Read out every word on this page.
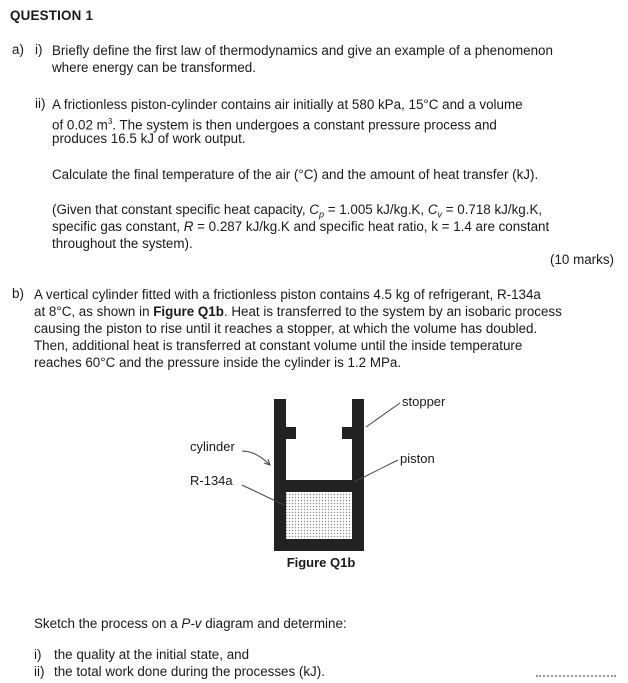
QUESTION 1
a) i) Briefly define the first law of thermodynamics and give an example of a phenomenon
where energy can be transformed.
ii) A frictionless piston-cylinder contains air initially at 580 kPa, 15°C and a volume
of 0.02 $m^3$. The system is then undergoes a constant pressure process and
produces 16.5 kJ of work output.
Calculate the final temperature of the air (°C) and the amount of heat transfer (kJ).
(Given that constant specific heat capacity, $C_p = 1.005$ kJ/kg.K, $C_v = 0.718$ kJ/kg.K,
specific gas constant, R = 0.287 kJ/kg.K and specific heat ratio, k = 1.4 are constant
throughout the system).
(10 marks)
b) A vertical cylinder fitted with a frictionless piston contains 4.5 kg of refrigerant, R-134a
at 8°C, as shown in Figure Q1b. Heat is transferred to the system by an isobaric process
causing the piston to rise until it reaches a stopper, at which the volume has doubled.
Then, additional heat is transferred at constant volume until the inside temperature
reaches 60°C and the pressure inside the cylinder is 1.2 MPa.
stopper
cylinder
piston
R-134a
Figure Q1b
Sketch the process on a P-v diagram and determine:
i) the quality at the initial state, and
ii) the total work done during the processes (kJ).
